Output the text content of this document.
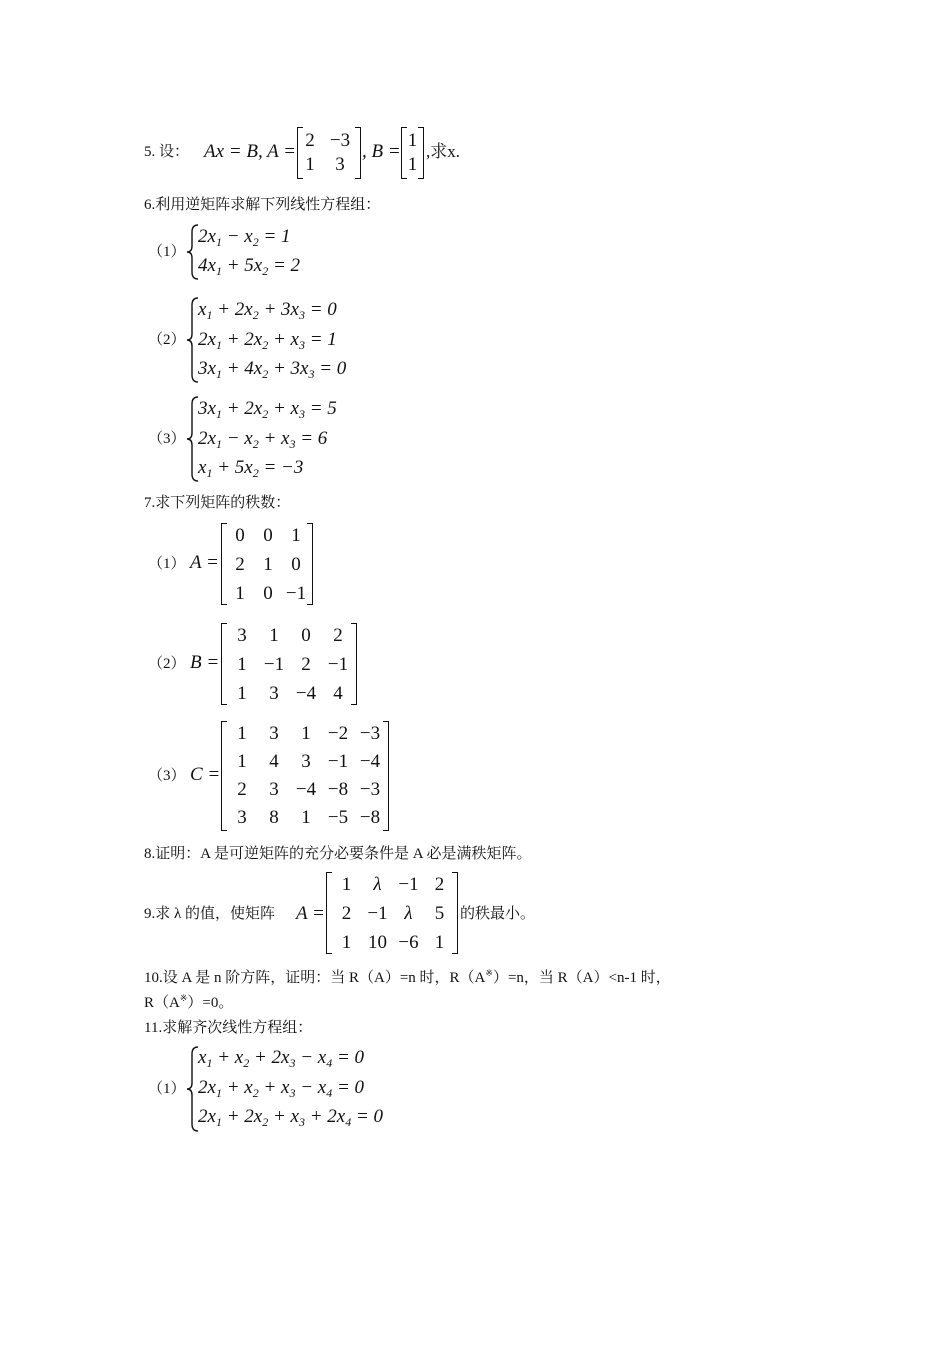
5. 设： Ax = B, A =
2 −3
1	3
, B =
1
1
,求x.
6.利用逆矩阵求解下列线性方程组：
（1）
$2x_1 - x_2 = 1$
$4x_1 + 5x_2 = 2$
（2）
$x_1 + 2x_2 + 3x_3 = 0$
$2x_1 + 2x_2 + x_3 = 1$
$3x_1 + 4x_2 + 3x_3 = 0$
（3）
$3x_1 + 2x_2 + x_3 = 5$
$2x_1 - x_2 + x_3 = 6$
$x_1 + 5x_2 = -3$
7.求下列矩阵的秩数：
（1） A =
0 0 1
2 1 0
1 0 −1
（2） B =
3	1	0	2
1 −1 2 −1
1	3 −4 4
（3） C =
1	3	1 −2 −3
1	4	3 −1 −4
2	3 −4 −8 −3
3	8	1 −5 −8
8.证明：A 是可逆矩阵的充分必要条件是 A 必是满秩矩阵。
9.求 λ 的值，使矩阵 A =
1	λ −1 2
2 −1 λ	5
1 10 −6 1
的秩最小。
10.设 A 是 n 阶方阵，证明：当 R（A）=n 时，R（A※）=n，当 R（A）<n-1 时，
R（A※）=0。
11.求解齐次线性方程组：
（1）
$x_1 + x_2 + 2x_3 - x_4 = 0$
$2x_1 + x_2 + x_3 - x_4 = 0$
$2x_1 + 2x_2 + x_3 + 2x_4 = 0$
